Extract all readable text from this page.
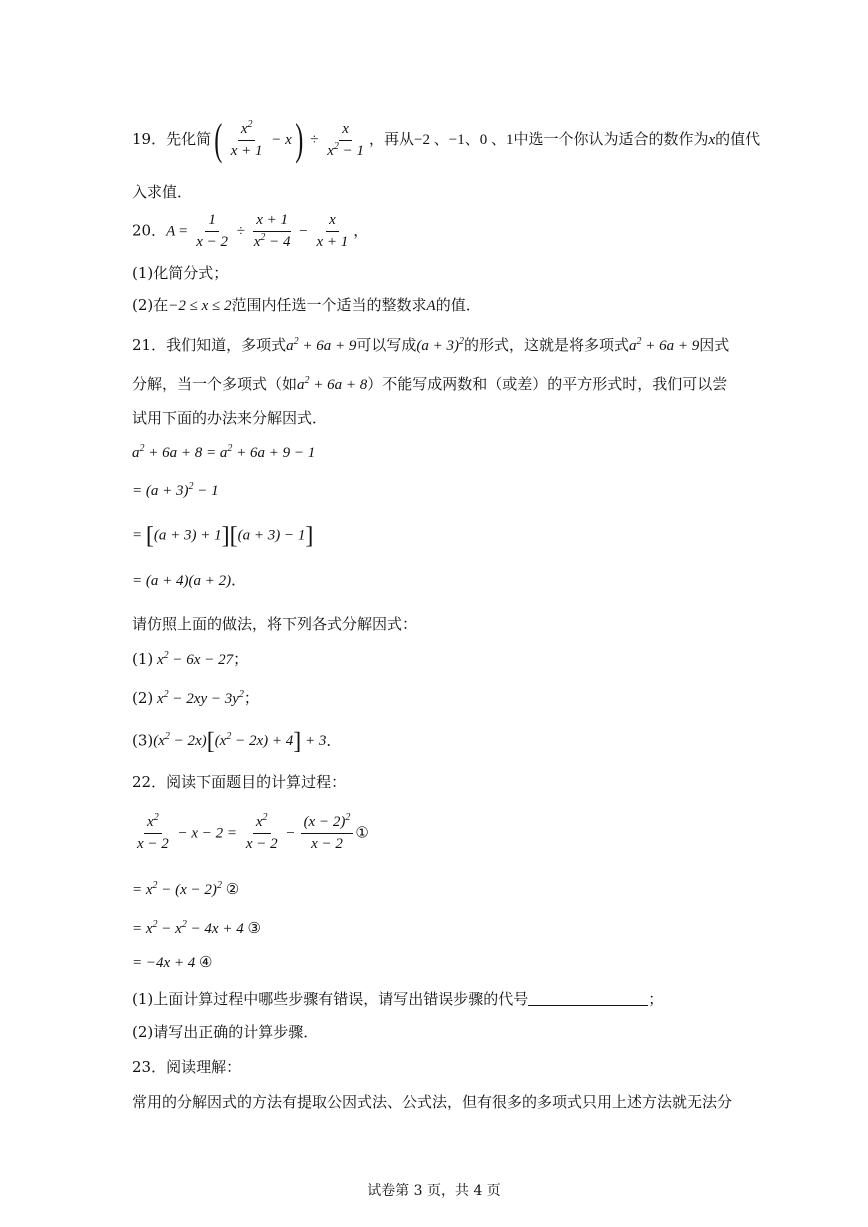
19．先化简( $\frac{x^2}{x + 1} - x) \div \frac{x}{x^2 - 1}$ ，再从−2 、−1、0 、1中选一个你认为适合的数作为x的值代
入求值．
20．$A = \frac{1}{x - 2} \div \frac{x + 1}{x^2 - 4} - \frac{x}{x + 1}$ ，
(1)化简分式；
(2)在−2 ≤ x ≤ 2范围内任选一个适当的整数求A的值．
21．我们知道，多项式$a^2 + 6a + 9$可以写成$(a + 3)^2$的形式，这就是将多项式$a^2 + 6a + 9$因式
分解，当一个多项式（如$a^2 + 6a + 8$）不能写成两数和（或差）的平方形式时，我们可以尝
试用下面的办法来分解因式．
$a^2 + 6a + 8 = a^2 + 6a + 9 - 1$
= $(a + 3)^2 - 1$
= [(a + 3) + 1][(a + 3) − 1]
= (a + 4)(a + 2)．
请仿照上面的做法，将下列各式分解因式：
(1) $x^2 - 6x - 27$；
(2) $x^2 - 2xy - 3y^2$；
$(3)(x^2 - 2x)[(x^2 - 2x) + 4] + 3$．
22．阅读下面题目的计算过程：
$\frac{x^2}{x - 2} - x - 2 = \frac{x^2}{x - 2} - \frac{(x - 2)^2}{x - 2}$ ①
= $x^2 - (x - 2)^2$ ②
= $x^2 - x^2 - 4x + 4$ ③
= −4x + 4 ④
(1)上面计算过程中哪些步骤有错误，请写出错误步骤的代号	；
(2)请写出正确的计算步骤．
23．阅读理解：
常用的分解因式的方法有提取公因式法、公式法，但有很多的多项式只用上述方法就无法分
试卷第 3 页，共 4 页
